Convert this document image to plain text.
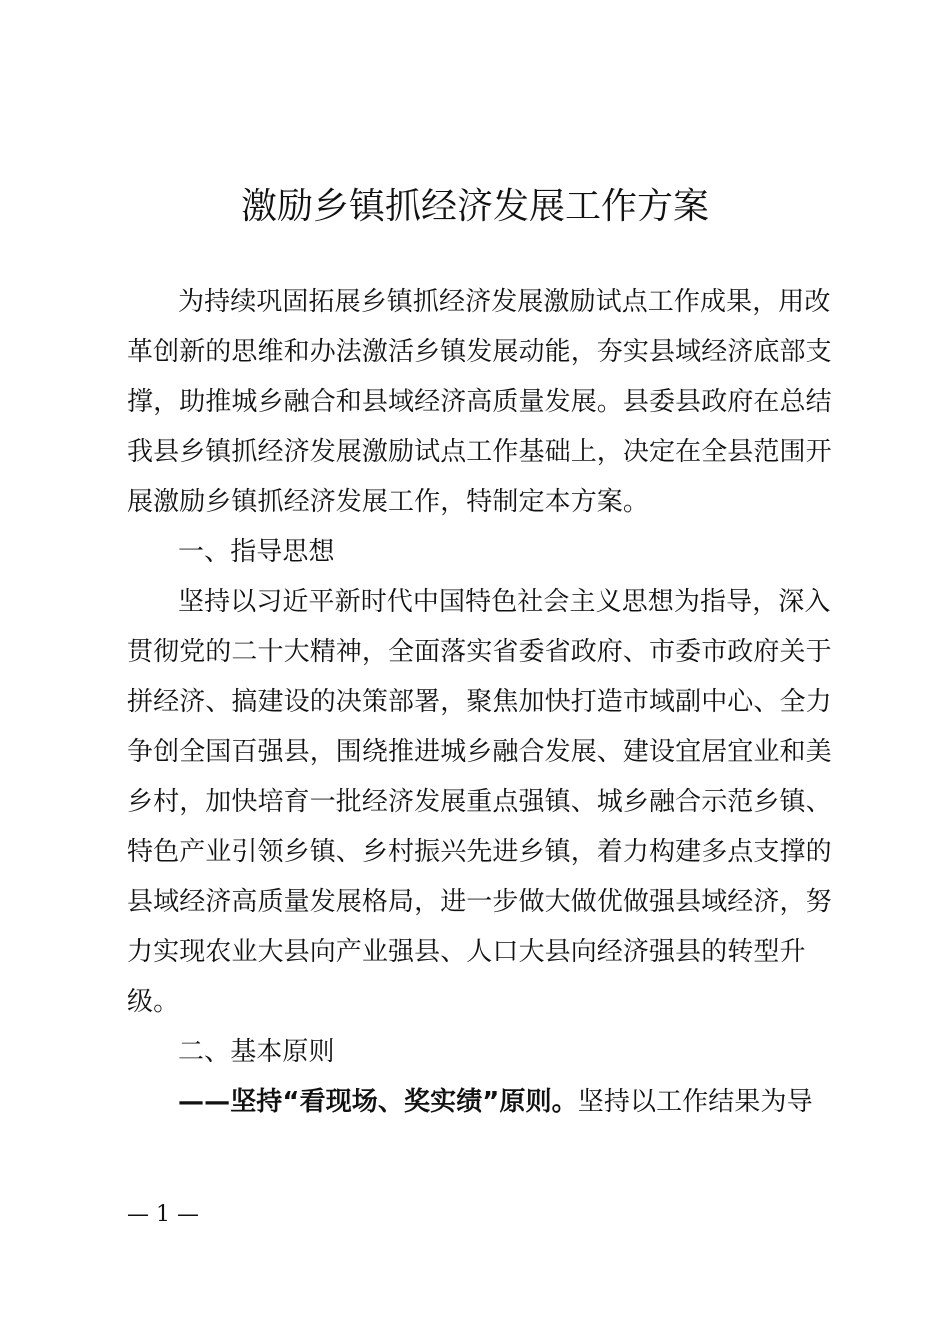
激励乡镇抓经济发展工作方案
为持续巩固拓展乡镇抓经济发展激励试点工作成果，用改
革创新的思维和办法激活乡镇发展动能，夯实县域经济底部支
撑，助推城乡融合和县域经济高质量发展。县委县政府在总结
我县乡镇抓经济发展激励试点工作基础上，决定在全县范围开
展激励乡镇抓经济发展工作，特制定本方案。
一、指导思想
坚持以习近平新时代中国特色社会主义思想为指导，深入
贯彻党的二十大精神，全面落实省委省政府、市委市政府关于
拼经济、搞建设的决策部署，聚焦加快打造市域副中心、全力
争创全国百强县，围绕推进城乡融合发展、建设宜居宜业和美
乡村，加快培育一批经济发展重点强镇、城乡融合示范乡镇、
特色产业引领乡镇、乡村振兴先进乡镇，着力构建多点支撑的
县域经济高质量发展格局，进一步做大做优做强县域经济，努
力实现农业大县向产业强县、人口大县向经济强县的转型升
级。
二、基本原则
——坚持“看现场、奖实绩”原则。坚持以工作结果为导
— 1 —
